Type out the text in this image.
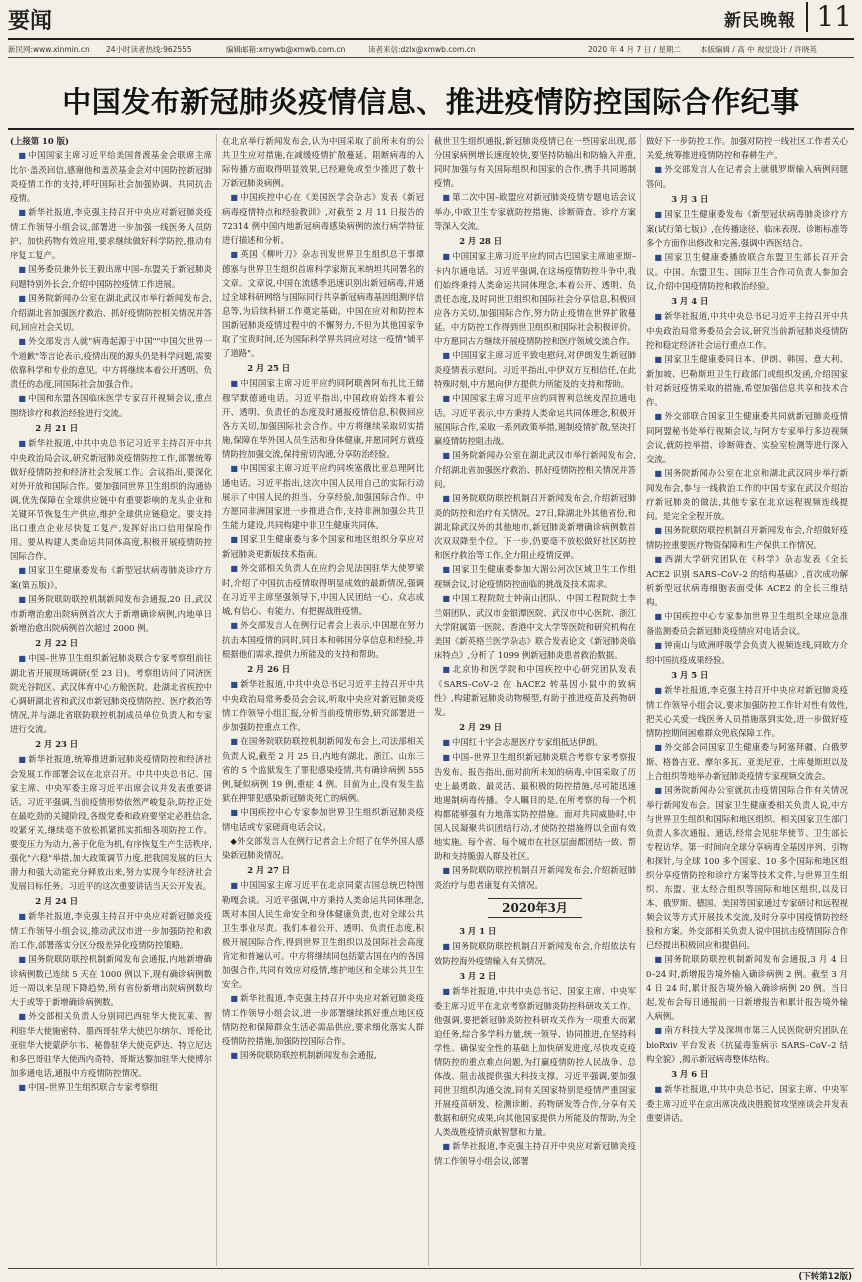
要闻	新民晚報 11
新民网:www.xinmin.cn 24小时读者热线:962555	编辑邮箱:xmywb@xmwb.com.cn	读者来信:dzlx@xmwb.com.cn	2020 年 4 月 7 日 / 星期二	本版编辑 / 高 中 视觉设计 / 许晓英
中国发布新冠肺炎疫情信息、推进疫情防控国际合作纪事

(上接第 10 版)

■ 中国国家主席习近平给美国普渡基金会联席主席比尔·盖茨回信,感谢他和盖茨基金会对中国防控新冠肺炎疫情工作的支持,呼吁国际社会加强协调、共同抗击疫情。

■ 新华社报道,李克强主持召开中央应对新冠肺炎疫情工作领导小组会议,部署进一步加强一线医务人员防护、加快药物有效应用,要求继续做好科学防控,推动有序复工复产。

■ 国务委员兼外长王毅出席中国–东盟关于新冠肺炎问题特别外长会,介绍中国防控疫情工作进展。

■ 国务院新闻办公室在湖北武汉市举行新闻发布会,介绍湖北省加强医疗救治、抓好疫情防控相关情况并答问,回应社会关切。

■ 外交部发言人就"病毒起源于中国""中国欠世界一个道歉"等言论表示,疫情出现的源头仍是科学问题,需要依靠科学和专业的意见。中方将继续本着公开透明、负责任的态度,同国际社会加强合作。

■ 中国和东盟各国临床医学专家召开视频会议,重点围绕诊疗和救治经验进行交流。

2 月 21 日

■ 新华社报道,中共中央总书记习近平主持召开中共中央政治局会议,研究新冠肺炎疫情防控工作,部署统筹做好疫情防控和经济社会发展工作。会议指出,要深化对外开放和国际合作。要加强同世界卫生组织的沟通协调,优先保障在全球供应链中有重要影响的龙头企业和关键环节恢复生产供应,维护全球供应链稳定。要支持出口重点企业尽快复工复产,发挥好出口信用保险作用。要从构建人类命运共同体高度,积极开展疫情防控国际合作。

■ 国家卫生健康委发布《新型冠状病毒肺炎诊疗方案(第五版)》。

■ 国务院联防联控机制新闻发布会通报,20 日,武汉市新增治愈出院病例首次大于新增确诊病例,内地单日新增治愈出院病例首次超过 2000 例。

2 月 22 日

■ 中国–世界卫生组织新冠肺炎联合专家考察组前往湖北省开展现场调研(至 23 日)。考察组访问了同济医院光谷院区、武汉体育中心方舱医院、赴湖北省疾控中心调研湖北省和武汉市新冠肺炎疫情防控、医疗救治等情况,并与湖北省联防联控机制成员单位负责人和专家进行交流。

2 月 23 日

■ 新华社报道,统筹推进新冠肺炎疫情防控和经济社会发展工作部署会议在北京召开。中共中央总书记、国家主席、中央军委主席习近平出席会议并发表重要讲话。习近平强调,当前疫情形势依然严峻复杂,防控正处在最吃劲的关键阶段,各级党委和政府要坚定必胜信念,咬紧牙关,继续毫不放松抓紧抓实抓细各项防控工作。要变压力为动力,善于化危为机,有序恢复生产生活秩序,强化"六稳"举措,加大政策调节力度,把我国发展的巨大潜力和强大动能充分释放出来,努力实现今年经济社会发展目标任务。习近平的这次重要讲话当天公开发表。

2 月 24 日

■ 新华社报道,李克强主持召开中央应对新冠肺炎疫情工作领导小组会议,推动武汉市进一步加强防控和救治工作,部署落实分区分级差异化疫情防控策略。

■ 国务院联防联控机制新闻发布会通报,内地新增确诊病例数已连续 5 天在 1000 例以下,现有确诊病例数近一周以来呈现下降趋势,所有省份新增出院病例数均大于或等于新增确诊病例数。

■ 外交部相关负责人分别同巴西驻华大使瓦莱、智利驻华大使施密特、墨西哥驻华大使巴尔纳尔、哥伦比亚驻华大使蒙萨尔韦、秘鲁驻华大使克萨达、特立尼达和多巴哥驻华大使西内奇特、哥斯达黎加驻华大使博尔加多通电话,通报中方疫情防控情况。

■ 中国–世界卫生组织联合专家考察组

在北京举行新闻发布会,认为中国采取了前所未有的公共卫生应对措施,在减缓疫情扩散蔓延、阻断病毒的人际传播方面取得明显效果,已经避免或至少推迟了数十万新冠肺炎病例。

■ 中国疾控中心在《美国医学会杂志》发表《新冠病毒疫情特点和经验教训》,对截至 2 月 11 日报告的 72314 例中国内地新冠病毒感染病例的流行病学特征进行描述和分析。

■ 英国《柳叶刀》杂志刊发世界卫生组织总干事谭德塞与世界卫生组织首席科学家斯瓦米纳坦共同署名的文章。文章说,中国在流感季迅速识别出新冠病毒,并通过全球科研网络与国际同行共享新冠病毒基因组测序信息等,为后续科研工作奠定基础。中国在应对和防控本国新冠肺炎疫情过程中的不懈努力,不但为其他国家争取了宝贵时间,还为国际科学界共同应对这一疫情"铺平了道路"。

2 月 25 日

■ 中国国家主席习近平应约同阿联酋阿布扎比王储穆罕默德通电话。习近平指出,中国政府始终本着公开、透明、负责任的态度及时通报疫情信息,积极回应各方关切,加强国际社会合作。中方将继续采取切实措施,保障在华外国人员生活和身体健康,并愿同阿方就疫情防控加强交流,保持密切沟通,分享防治经验。

■ 中国国家主席习近平应约同埃塞俄比亚总理阿比通电话。习近平指出,这次中国人民用自己的实际行动展示了中国人民的担当、分享经验,加强国际合作。中方愿同非洲国家进一步推进合作,支持非洲加强公共卫生能力建设,共同构建中非卫生健康共同体。

■ 国家卫生健康委与多个国家和地区组织分享应对新冠肺炎更新版技术指南。

■ 外交部相关负责人在应约会见法国驻华大使罗梁时,介绍了中国抗击疫情取得明显成效的最新情况,强调在习近平主席坚强领导下,中国人民团结一心、众志成城,有信心、有能力、有把握战胜疫情。

■ 外交部发言人在例行记者会上表示,中国愿在努力抗击本国疫情的同时,同日本和韩国分享信息和经验,并根据他们需求,提供力所能及的支持和帮助。

2 月 26 日

■ 新华社报道,中共中央总书记习近平主持召开中共中央政治局常务委员会会议,听取中央应对新冠肺炎疫情工作领导小组汇报,分析当前疫情形势,研究部署进一步加强防控重点工作。

■ 在国务院联防联控机制新闻发布会上,司法部相关负责人说,截至 2 月 25 日,内地有湖北、浙江、山东三省的 5 个监狱发生了罪犯感染疫情,共有确诊病例 555 例,疑似病例 19 例,重症 4 例。目前为止,没有发生监狱在押罪犯感染新冠肺炎死亡的病例。

■ 中国疾控中心专家参加世界卫生组织新冠肺炎疫情电话或专家磋商电话会议。

◆外交部发言人在例行记者会上介绍了在华外国人感染新冠肺炎情况。

2 月 27 日

■ 中国国家主席习近平在北京同蒙古国总统巴特图勒嘎会谈。习近平强调,中方秉持人类命运共同体理念,既对本国人民生命安全和身体健康负责,也对全球公共卫生事业尽责。我们本着公开、透明、负责任态度,积极开展国际合作,得到世界卫生组织以及国际社会高度肯定和普遍认可。中方将继续同包括蒙古国在内的各国加强合作,共同有效应对疫情,维护地区和全球公共卫生安全。

■ 新华社报道,李克强主持召开中央应对新冠肺炎疫情工作领导小组会议,进一步部署继续抓好重点地区疫情防控和保障群众生活必需品供应,要求细化落实人群疫情防控措施,加强防控国际合作。

■ 国务院联防联控机制新闻发布会通报,

截世卫生组织通报,新冠肺炎疫情已在一些国家出现,部分国家病例增长速度较快,要坚持防输出和防输入并重,同时加强与有关国际组织和国家的合作,携手共同遏制疫情。

■ 第二次中国–欧盟应对新冠肺炎疫情专题电话会议举办,中欧卫生专家就防控措施、诊断筛查、诊疗方案等深入交流。

2 月 28 日

■ 中国国家主席习近平应约同古巴国家主席迪亚斯–卡内尔通电话。习近平强调,在这场疫情防控斗争中,我们始终秉持人类命运共同体理念,本着公开、透明、负责任态度,及时同世卫组织和国际社会分享信息,积极回应各方关切,加强国际合作,努力防止疫情在世界扩散蔓延。中方防控工作得到世卫组织和国际社会积极评价。中方愿同古方继续开展疫情防控和医疗领域交流合作。

■ 中国国家主席习近平致电慰问,对伊朗发生新冠肺炎疫情表示慰问。习近平指出,中伊双方互相信任,在此特殊时刻,中方愿向伊方提供力所能及的支持和帮助。

■ 中国国家主席习近平应约同智利总统皮涅拉通电话。习近平表示,中方秉持人类命运共同体理念,积极开展国际合作,采取一系列政策举措,遏制疫情扩散,坚决打赢疫情防控阻击战。

■ 国务院新闻办公室在湖北武汉市举行新闻发布会,介绍湖北省加强医疗救治、抓好疫情防控相关情况并答问。

■ 国务院联防联控机制召开新闻发布会,介绍新冠肺炎的防控和治疗有关情况。27日,除湖北外其他省份,和湖北除武汉外的其他地市,新冠肺炎新增确诊病例数首次双双降至个位。下一步,仍要毫不放松做好社区防控和医疗救治等工作,全力阻止疫情反弹。

■ 国家卫生健康委参加大湄公河次区域卫生工作组视频会议,讨论疫情防控面临的挑战及技术需求。

■ 中国工程院院士钟南山团队、中国工程院院士李兰娟团队、武汉市金银潭医院、武汉市中心医院、浙江大学附属第一医院、香港中文大学等医院和研究机构在美国《新英格兰医学杂志》联合发表论文《新冠肺炎临床特点》,分析了 1099 例新冠肺炎患者救治数据。

■ 北京协和医学院和中国疾控中心研究团队发表《SARS–CoV–2 在 hACE2 转基因小鼠中的致病性》,构建新冠肺炎动物模型,有助于推进疫苗及药物研发。

2 月 29 日

■ 中国红十字会志愿医疗专家组抵达伊朗。

■ 中国–世界卫生组织新冠肺炎联合考察专家考察报告发布。报告指出,面对前所未知的病毒,中国采取了历史上最勇敢、最灵活、最积极的防控措施,尽可能迅速地遏制病毒传播。令人瞩目的是,在所考察的每一个机构都能够强有力地落实防控措施。面对共同威胁时,中国人民凝聚共识团结行动,才使防控措施得以全面有效地实施。每个省、每个城市在社区层面都团结一致、帮助和支持脆弱人群及社区。

■ 国务院联防联控机制召开新闻发布会,介绍新冠肺炎治疗与患者康复有关情况。

2020年3月

3 月 1 日

■ 国务院联防联控机制召开新闻发布会,介绍依法有效防控海外疫情输入有关情况。

3 月 2 日

■ 新华社报道,中共中央总书记、国家主席、中央军委主席习近平在北京考察新冠肺炎防控科研攻关工作。他强调,要把新冠肺炎防控科研攻关作为一项重大而紧迫任务,综合多学科力量,统一领导、协同推进,在坚持科学性、确保安全性的基础上加快研发进度,尽快攻克疫情防控的重点难点问题,为打赢疫情防控人民战争、总体战、阻击战提供强大科技支撑。习近平强调,要加强同世卫组织沟通交流,同有关国家特别是疫情严重国家开展疫苗研发、检测诊断、药物研发等合作,分享有关数据和研究成果,向其他国家提供力所能及的帮助,为全人类战胜疫情贡献智慧和力量。

■ 新华社报道,李克强主持召开中央应对新冠肺炎疫情工作领导小组会议,部署

做好下一步防控工作。加强对防控一线社区工作者关心关爱,统筹推进疫情防控和春耕生产。

■ 外交部发言人在记者会上就俄罗斯输入病例问题答问。

3 月 3 日

■ 国家卫生健康委发布《新型冠状病毒肺炎诊疗方案(试行第七版)》,在传播途径、临床表现、诊断标准等多个方面作出修改和完善,强调中西医结合。

■ 国家卫生健康委播放联合东盟卫生部长召开会议。中国、东盟卫生、国际卫生合作司负责人参加会议,介绍中国疫情防控和救治经验。

3 月 4 日

■ 新华社报道,中共中央总书记习近平主持召开中共中央政治局常务委员会会议,研究当前新冠肺炎疫情防控和稳定经济社会运行重点工作。

■ 国家卫生健康委同日本、伊朗、韩国、意大利、新加坡、巴勒斯坦卫生行政部门或组织发函,介绍国家针对新冠疫情采取的措施,希望加强信息共享和技术合作。

■ 外交部联合国家卫生健康委共同就新冠肺炎疫情同阿盟秘书处举行视频会议,与阿方专家举行多边视频会议,就防控举措、诊断筛查、实验室检测等进行深入交流。

■ 国务院新闻办公室在北京和湖北武汉同步举行新闻发布会,参与一线救治工作的中国专家在武汉介绍治疗新冠肺炎的做法,其他专家在北京远程视频连线提问。是完全全程开放。

■ 国务院联防联控机制召开新闻发布会,介绍做好疫情防控重要医疗物资保障和生产保供工作情况。

■ 西湖大学研究团队在《科学》杂志发表《全长 ACE2 识别 SARS–CoV–2 的结构基础》,首次成功解析新型冠状病毒细胞表面受体 ACE2 的全长三维结构。

■ 中国疾控中心专家参加世界卫生组织全球应急准备监测委员会新冠肺炎疫情应对电话会议。

■ 钟南山与欧洲呼吸学会负责人视频连线,同欧方介绍中国抗疫成果经验。

3 月 5 日

■ 新华社报道,李克强主持召开中央应对新冠肺炎疫情工作领导小组会议,要求加强防控工作针对性有效性,把关心关爱一线医务人员措施落到实处,进一步做好疫情防控期间困难群众兜底保障工作。

■ 外交部会同国家卫生健康委与阿塞拜疆、白俄罗斯、格鲁吉亚、摩尔多瓦、亚美尼亚、土库曼斯坦以及上合组织等地举办新冠肺炎疫情专家视频交流会。

■ 国务院新闻办公室就抗击疫情国际合作有关情况举行新闻发布会。国家卫生健康委相关负责人说,中方与世界卫生组织和国际和地区组织、相关国家卫生部门负责人多次通报、通话,经常会见驻华使节、卫生部长专程访华。第一时间向全球分享病毒全基因序列、引物和探针,与全球 100 多个国家、10 多个国际和地区组织分享疫情防控和诊疗方案等技术文件,与世界卫生组织、东盟、亚太经合组织等国际和地区组织,以及日本、俄罗斯、德国、美国等国家通过专家研讨和远程视频会议等方式开展技术交流,及时分享中国疫情防控经验和方案。外交部相关负责人说中国抗击疫情国际合作已经提出积极回应和提倡问。

■ 国务院联防联控机制新闻发布会通报,3 月 4 日 0–24 时,新增报告境外输入确诊病例 2 例。截至 3 月 4 日 24 时,累计报告境外输入确诊病例 20 例。当日起,发布会每日通报前一日新增报告和累计报告境外输入病例。

■ 南方科技大学及深圳市第三人民医院研究团队在 bioRxiv 平台发表《抗猛毒鉴病示 SARS–CoV–2 结构全貌》,揭示新冠病毒整体结构。

3 月 6 日

■ 新华社报道,中共中央总书记、国家主席、中央军委主席习近平在京出席决战决胜脱贫攻坚座谈会并发表重要讲话。

(下转第12版)
